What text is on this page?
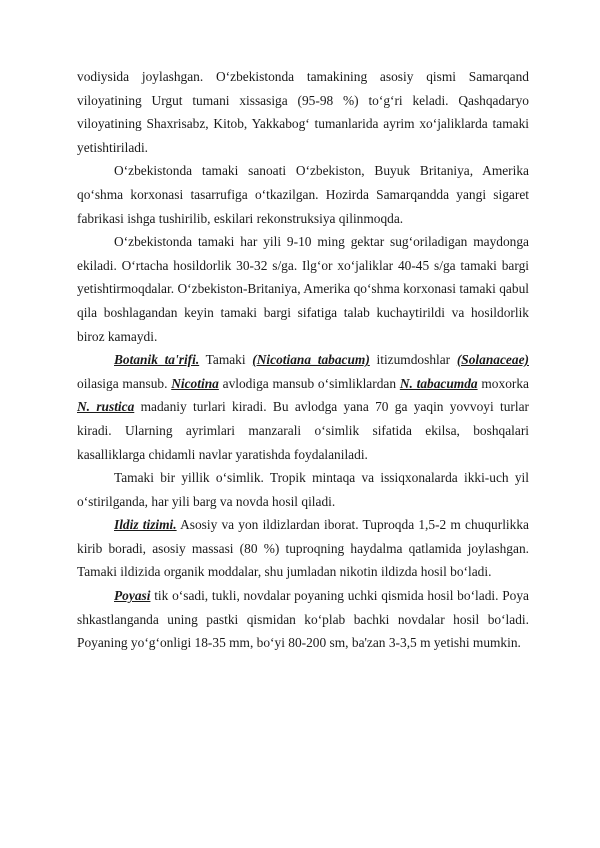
vodiysida joylashgan. O‘zbekistonda tamakining asosiy qismi Samarqand viloyatining Urgut tumani xissasiga (95-98 %) to‘g‘ri keladi. Qashqadaryo viloyatining Shaxrisabz, Kitob, Yakkabog‘ tumanlarida ayrim xo‘jaliklarda tamaki yetishtiriladi.

O‘zbekistonda tamaki sanoati O‘zbekiston, Buyuk Britaniya, Amerika qo‘shma korxonasi tasarrufiga o‘tkazilgan. Hozirda Samarqandda yangi sigaret fabrikasi ishga tushirilib, eskilari rekonstruksiya qilinmoqda.

O‘zbekistonda tamaki har yili 9-10 ming gektar sug‘oriladigan maydonga ekiladi. O‘rtacha hosildorlik 30-32 s/ga. Ilg‘or xo‘jaliklar 40-45 s/ga tamaki bargi yetishtirmoqdalar. O‘zbekiston-Britaniya, Amerika qo‘shma korxonasi tamaki qabul qila boshlagandan keyin tamaki bargi sifatiga talab kuchaytirildi va hosildorlik biroz kamaydi.

Botanik ta'rifi. Tamaki (Nicotiana tabacum) itizumdoshlar (Solanaceae) oilasiga mansub. Nicotina avlodiga mansub o‘simliklardan N. tabacumda moxorka N. rustica madaniy turlari kiradi. Bu avlodga yana 70 ga yaqin yovvoyi turlar kiradi. Ularning ayrimlari manzarali o‘simlik sifatida ekilsa, boshqalari kasalliklarga chidamli navlar yaratishda foydalaniladi.

Tamaki bir yillik o‘simlik. Tropik mintaqa va issiqxonalarda ikki-uch yil o‘stirilganda, har yili barg va novda hosil qiladi.

Ildiz tizimi. Asosiy va yon ildizlardan iborat. Tuproqda 1,5-2 m chuqurlikka kirib boradi, asosiy massasi (80 %) tuproqning haydalma qatlamida joylashgan. Tamaki ildizida organik moddalar, shu jumladan nikotin ildizda hosil bo‘ladi.

Poyasi tik o‘sadi, tukli, novdalar poyaning uchki qismida hosil bo‘ladi. Poya shkastlanganda uning pastki qismidan ko‘plab bachki novdalar hosil bo‘ladi. Poyaning yo‘g‘onligi 18-35 mm, bo‘yi 80-200 sm, ba'zan 3-3,5 m yetishi mumkin.
